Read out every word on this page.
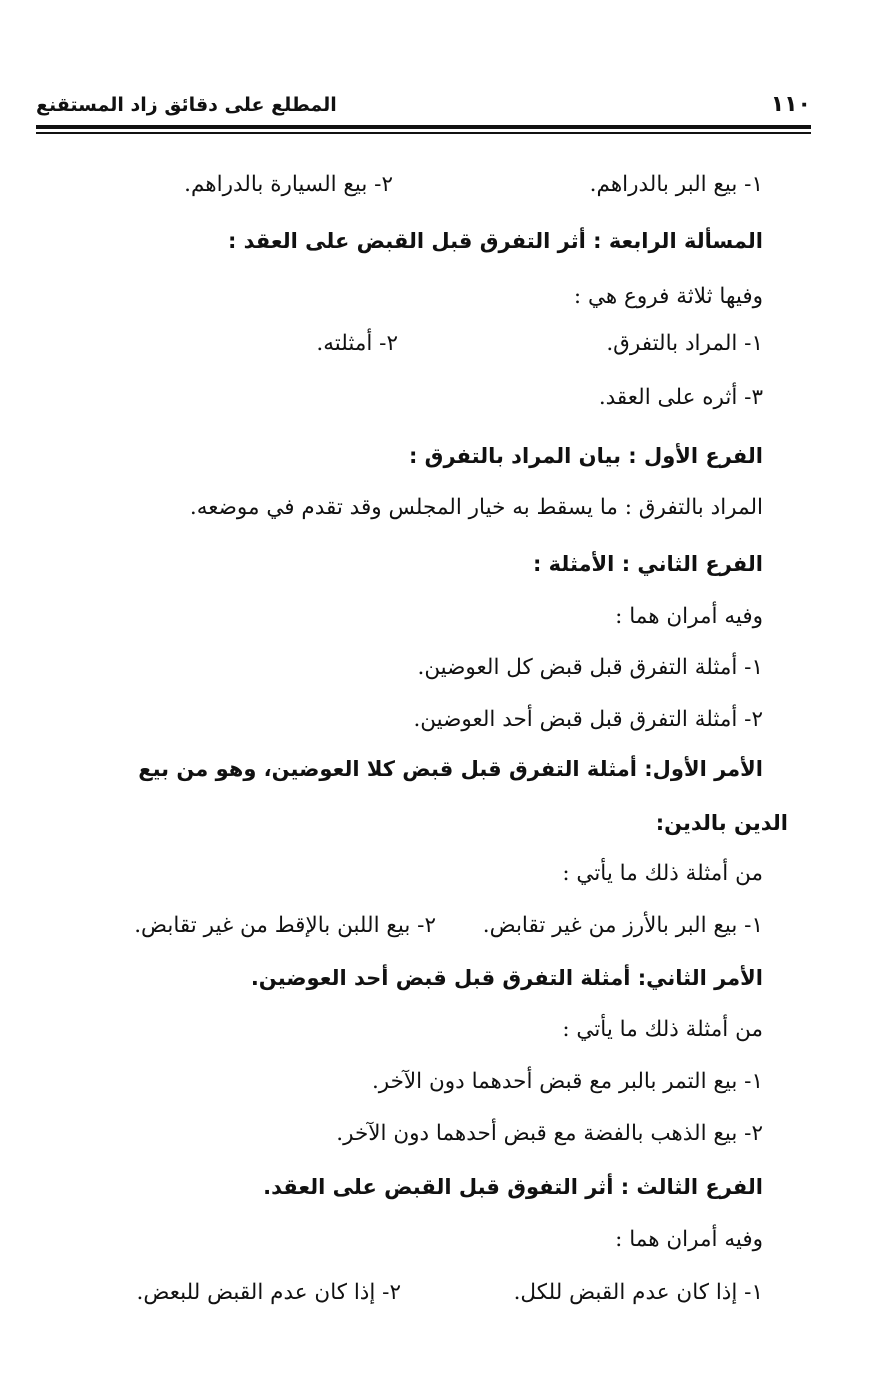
١١٠
المطلع على دقائق زاد المستقنع
١- بيع البر بالدراهم.
٢- بيع السيارة بالدراهم.
المسألة الرابعة : أثر التفرق قبل القبض على العقد :
وفيها ثلاثة فروع هي :
١- المراد بالتفرق.
٢- أمثلته.
٣- أثره على العقد.
الفرع الأول : بيان المراد بالتفرق :
المراد بالتفرق : ما يسقط به خيار المجلس وقد تقدم في موضعه.
الفرع الثاني : الأمثلة :
وفيه أمران هما :
١- أمثلة التفرق قبل قبض كل العوضين.
٢- أمثلة التفرق قبل قبض أحد العوضين.
الأمر الأول: أمثلة التفرق قبل قبض كلا العوضين، وهو من بيع
الدين بالدين:
من أمثلة ذلك ما يأتي :
١- بيع البر بالأرز من غير تقابض.
٢- بيع اللبن بالإقط من غير تقابض.
الأمر الثاني: أمثلة التفرق قبل قبض أحد العوضين.
من أمثلة ذلك ما يأتي :
١- بيع التمر بالبر مع قبض أحدهما دون الآخر.
٢- بيع الذهب بالفضة مع قبض أحدهما دون الآخر.
الفرع الثالث : أثر التفوق قبل القبض على العقد.
وفيه أمران هما :
١- إذا كان عدم القبض للكل.
٢- إذا كان عدم القبض للبعض.
